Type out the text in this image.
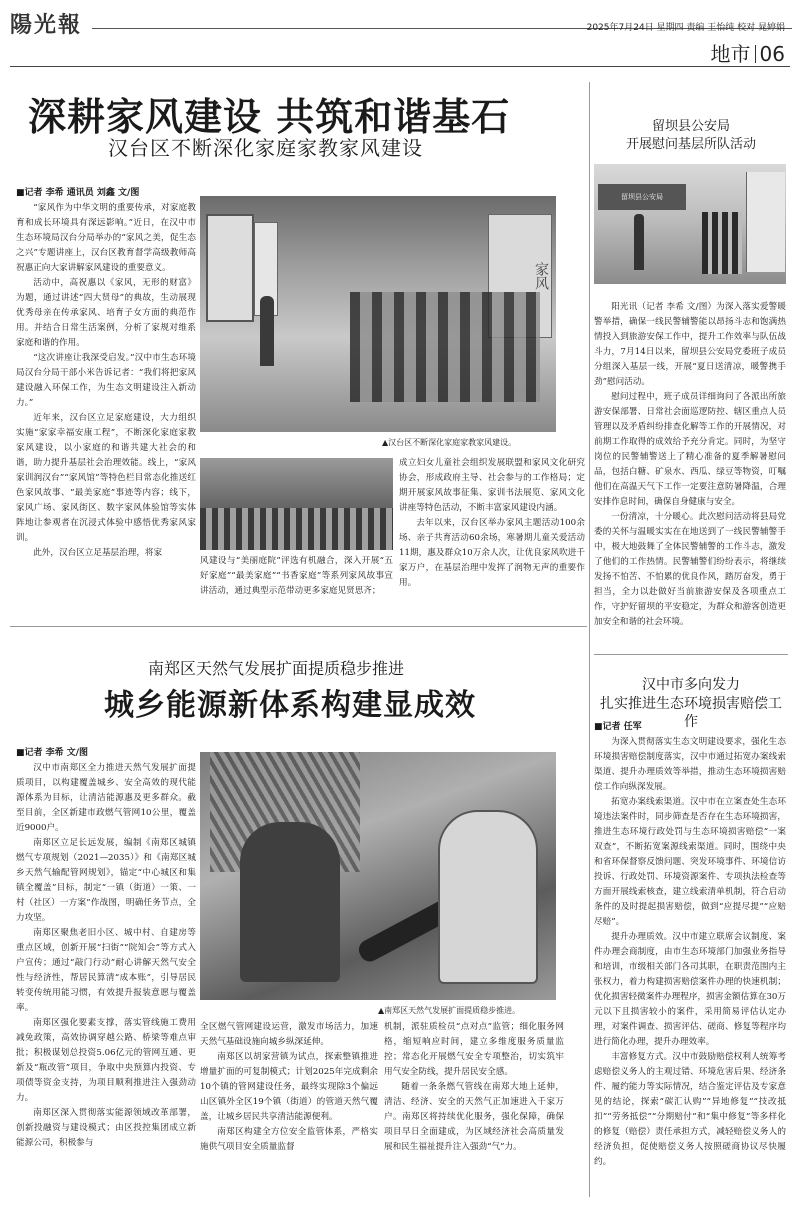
陽光報	2025年7月24日 星期四 责编 王怡纯 校对 晁婷娟
地市 06
深耕家风建设 共筑和谐基石
汉台区不断深化家庭家教家风建设
■记者 李希 通讯员 刘鑫 文/图

“家风作为中华文明的重要传承，对家庭教育和成长环境具有深远影响。”近日，在汉中市生态环境局汉台分局举办的“家风之美，促生态之兴”专题讲座上，汉台区教育督学高级教师高祝惠正向大家讲解家风建设的重要意义。

活动中，高祝惠以《家风，无形的财富》为题，通过讲述“四大贤母”的典故，生动展现优秀母亲在传承家风、培育子女方面的典范作用。并结合日常生活案例，分析了家规对维系家庭和谐的作用。

“这次讲座让我深受启发。”汉中市生态环境局汉台分局干部小米告诉记者：“我们将把家风建设融入环保工作，为生态文明建设注入新动力。”

近年来，汉台区立足家庭建设，大力组织实施“家家幸福安康工程”，不断深化家庭家教家风建设，以小家庭的和谐共建大社会的和谐，助力提升基层社会治理效能。线上，“家风家训润汉台”“家风馆”等特色栏目常态化推送红色家风故事、“最美家庭”事迹等内容；线下，家风广场、家风街区、数字家风体验馆等实体阵地让参观者在沉浸式体验中感悟优秀家风家训。

此外，汉台区立足基层治理，将家

家风
▲汉台区不断深化家庭家教家风建设。

风建设与“美丽庭院”评选有机融合，深入开展“五好家庭”“最美家庭”“书香家庭”等系列家风故事宣讲活动，通过典型示范带动更多家庭见贤思齐；

成立妇女儿童社会组织发展联盟和家风文化研究协会，形成政府主导、社会参与的工作格局；定期开展家风故事征集、家训书法展览、家风文化讲座等特色活动，不断丰富家风建设内涵。

去年以来，汉台区举办家风主题活动100余场、亲子共育活动60余场，寒暑期儿童关爱活动11期，惠及群众10万余人次，让优良家风吹进千家万户，在基层治理中发挥了润物无声的重要作用。

留坝县公安局
开展慰问基层所队活动
留坝县公安局

阳光讯（记者 李希 文/图）为深入落实爱警暖警举措，确保一线民警辅警能以昂扬斗志和饱满热情投入到旅游安保工作中，提升工作效率与队伍战斗力，7月14日以来，留坝县公安局党委班子成员分组深入基层一线，开展“夏日送清凉，暖警携手劲”慰问活动。

慰问过程中，班子成员详细询问了各派出所旅游安保部署、日常社会面巡逻防控、辖区重点人员管理以及矛盾纠纷排查化解等工作的开展情况，对前期工作取得的成效给予充分肯定。同时，为坚守岗位的民警辅警送上了精心准备的夏季解暑慰问品，包括白糖、矿泉水、西瓜、绿豆等物资，叮嘱他们在高温天气下工作一定要注意防暑降温，合理安排作息时间，确保自身健康与安全。

一份清凉，十分暖心。此次慰问活动将县局党委的关怀与温暖实实在在地送到了一线民警辅警手中，极大地鼓舞了全体民警辅警的工作斗志，激发了他们的工作热情。民警辅警们纷纷表示，将继续发扬不怕苦、不怕累的优良作风，踏厉奋发，勇于担当，全力以赴做好当前旅游安保及各项重点工作，守护好留坝的平安稳定，为群众和游客创造更加安全和谐的社会环境。

汉中市多向发力
扎实推进生态环境损害赔偿工作
■记者 任军

为深入贯彻落实生态文明建设要求，强化生态环境损害赔偿制度落实，汉中市通过拓宽办案线索渠道、提升办理质效等举措，推动生态环境损害赔偿工作向纵深发展。

拓宽办案线索渠道。汉中市在立案查处生态环境违法案件时，同步筛查是否存在生态环境损害，推进生态环境行政处罚与生态环境损害赔偿“一案双查”，不断拓宽案源线索渠道。同时，围绕中央和省环保督察反馈问题、突发环境事件、环境信访投诉、行政处罚、环境资源案件、专项执法检查等方面开展线索核查，建立线索清单机制，符合启动条件的及时提起损害赔偿，做到“应提尽提”“应赔尽赔”。

提升办理质效。汉中市建立联席会议制度、案件办理会商制度，由市生态环境部门加强业务指导和培训，市级相关部门各司其职，在职责范围内主张权力，着力构建损害赔偿案件办理的快速机制；优化损害轻微案件办理程序，损害金额估算在30万元以下且损害较小的案件，采用简易评估认定办理，对案件调查、损害评估、磋商、修复等程序均进行简化办理，提升办理效率。

丰富修复方式。汉中市鼓励赔偿权利人统筹考虑赔偿义务人的主观过错、环境危害后果、经济条件、履约能力等实际情况，结合鉴定评估及专家意见的结论，探索“碳汇认购”“异地修复”“技改抵扣”“劳务抵偿”“分期赔付”和“集中修复”等多样化的修复（赔偿）责任承担方式，减轻赔偿义务人的经济负担，促使赔偿义务人按照磋商协议尽快履约。

南郑区天然气发展扩面提质稳步推进
城乡能源新体系构建显成效
■记者 李希 文/图

汉中市南郑区全力推进天然气发展扩面提质项目，以构建覆盖城乡、安全高效的现代能源体系为目标，让清洁能源惠及更多群众。截至目前，全区新建市政燃气管网10公里，覆盖近9000户。

南郑区立足长远发展，编制《南郑区城镇燃气专项规划（2021—2035）》和《南郑区城乡天然气输配管网规划》，锚定“中心城区和集镇全覆盖”目标，制定“一镇（街道）一策、一村（社区）一方案”作战图，明确任务节点，全力攻坚。

南郑区聚焦老旧小区、城中村、自建房等重点区域，创新开展“扫街”“院知会”等方式入户宣传；通过“敲门行动”耐心讲解天然气安全性与经济性，帮居民算清“成本账”，引导居民转变传统用能习惯，有效提升报装意愿与覆盖率。

南郑区强化要素支撑，落实管线施工费用减免政策，高效协调穿越公路、桥梁等难点审批；积极谋划总投资5.06亿元的管网互通、更新及“瓶改管”项目，争取中央预算内投资、专项债等资金支持，为项目顺利推进注入强劲动力。

南郑区深入贯彻落实能源领域改革部署，创新投融资与建设模式；由区投控集团成立新能源公司，积极参与

▲南郑区天然气发展扩面提质稳步推进。

全区燃气管网建设运营，激发市场活力，加速天然气基础设施向城乡纵深延伸。

南郑区以胡家营镇为试点，探索整镇推进增量扩面的可复制模式；计划2025年完成剩余10个镇的管网建设任务，最终实现除3个偏远山区镇外全区19个镇（街道）的管道天然气覆盖，让城乡居民共享清洁能源便利。

南郑区构建全方位安全监管体系，严格实施供气项目安全质量监督

机制，派驻质检员“点对点”监管；细化服务网格，缩短响应时间，建立多维度服务质量监控；常态化开展燃气安全专项整治，切实筑牢用气安全防线，提升居民安全感。

随着一条条燃气管线在南郑大地上延伸，清洁、经济、安全的天然气正加速进入千家万户。南郑区将持续优化服务，强化保障，确保项目早日全面建成，为区域经济社会高质量发展和民生福祉提升注入强劲“气”力。
